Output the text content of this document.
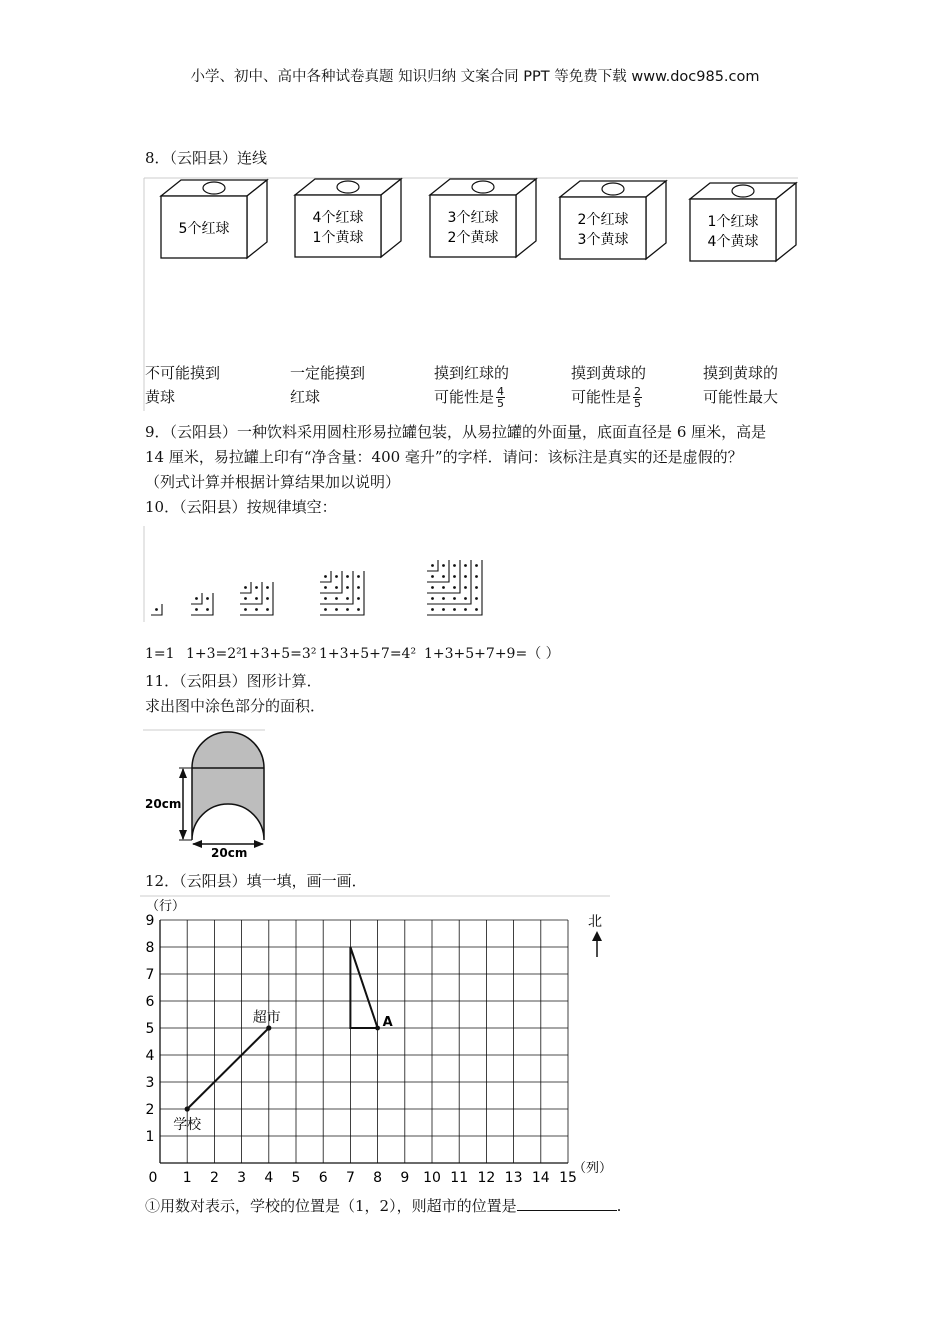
小学、初中、高中各种试卷真题 知识归纳 文案合同 PPT 等免费下载 www.doc985.com
8．（云阳县）连线
5个红球
4个红球
1个黄球
3个红球
2个黄球
2个红球
3个黄球
1个红球
4个黄球
不可能摸到
黄球
一定能摸到
红球
摸到红球的
可能性是 $\frac{4}{5}$
摸到黄球的
可能性是 $\frac{2}{5}$
摸到黄球的
可能性最大
9．（云阳县）一种饮料采用圆柱形易拉罐包装，从易拉罐的外面量，底面直径是 6 厘米，高是
14 厘米，易拉罐上印有“净含量：400 毫升”的字样．请问：该标注是真实的还是虚假的？
（列式计算并根据计算结果加以说明）
10．（云阳县）按规律填空：
1=1 1+3=2²
1+3+5=3² 1+3+5+7=4² 1+3+5+7+9=（ ）
11．（云阳县）图形计算．
求出图中涂色部分的面积．
20cm
20cm
12．（云阳县）填一填，画一画．
0 1 2 3 4 5 6 7 8 9 10 11 12 13 14 15
1
2
3
4
5
6
7
8
9
学校
超市	A
（行）
（列）
北
①用数对表示，学校的位置是（1，2），则超市的位置是	.
